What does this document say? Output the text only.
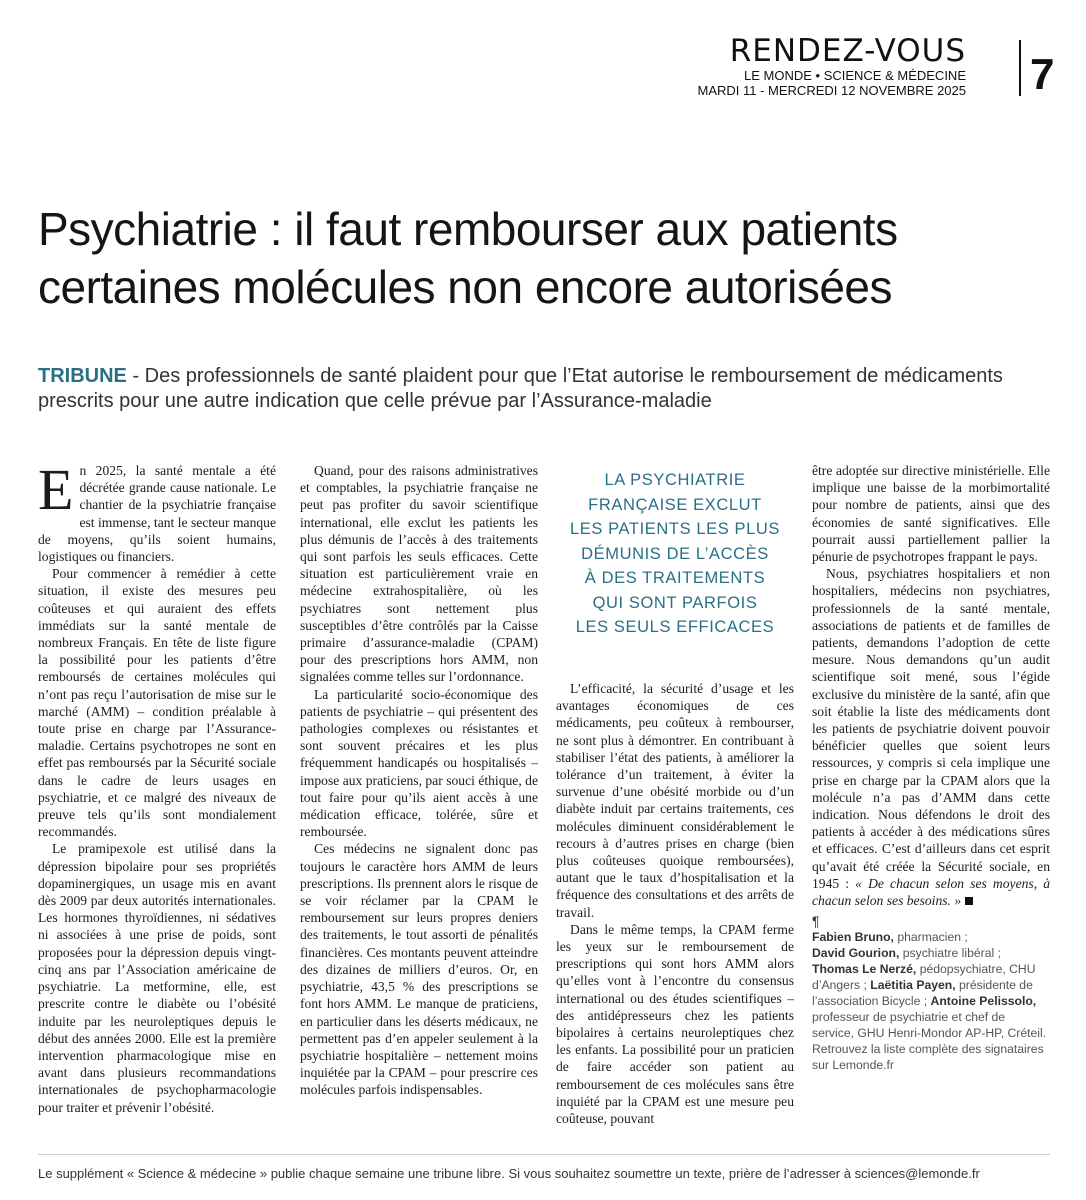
RENDEZ-VOUS
LE MONDE • SCIENCE & MÉDECINE
MARDI 11 - MERCREDI 12 NOVEMBRE 2025 7
Psychiatrie : il faut rembourser aux patients certaines molécules non encore autorisées
TRIBUNE - Des professionnels de santé plaident pour que l’Etat autorise le remboursement de médicaments prescrits pour une autre indication que celle prévue par l’Assurance-maladie

En 2025, la santé mentale a été décrétée grande cause nationale. Le chantier de la psychiatrie française est immense, tant le secteur manque de moyens, qu’ils soient humains, logistiques ou financiers.

Pour commencer à remédier à cette situation, il existe des mesures peu coûteuses et qui auraient des effets immédiats sur la santé mentale de nombreux Français. En tête de liste figure la possibilité pour les patients d’être remboursés de certaines molécules qui n’ont pas reçu l’autorisation de mise sur le marché (AMM) – condition préalable à toute prise en charge par l’Assurance-maladie. Certains psychotropes ne sont en effet pas remboursés par la Sécurité sociale dans le cadre de leurs usages en psychiatrie, et ce malgré des niveaux de preuve tels qu’ils sont mondialement recommandés.

Le pramipexole est utilisé dans la dépression bipolaire pour ses propriétés dopaminergiques, un usage mis en avant dès 2009 par deux autorités internationales. Les hormones thyroïdiennes, ni sédatives ni associées à une prise de poids, sont proposées pour la dépression depuis vingt-cinq ans par l’Association américaine de psychiatrie. La metformine, elle, est prescrite contre le diabète ou l’obésité induite par les neuroleptiques depuis le début des années 2000. Elle est la première intervention pharmacologique mise en avant dans plusieurs recommandations internationales de psychopharmacologie pour traiter et prévenir l’obésité.

Quand, pour des raisons administratives et comptables, la psychiatrie française ne peut pas profiter du savoir scientifique international, elle exclut les patients les plus démunis de l’accès à des traitements qui sont parfois les seuls efficaces. Cette situation est particulièrement vraie en médecine extrahospitalière, où les psychiatres sont nettement plus susceptibles d’être contrôlés par la Caisse primaire d’assurance-maladie (CPAM) pour des prescriptions hors AMM, non signalées comme telles sur l’ordonnance.

La particularité socio-économique des patients de psychiatrie – qui présentent des pathologies complexes ou résistantes et sont souvent précaires et les plus fréquemment handicapés ou hospitalisés – impose aux praticiens, par souci éthique, de tout faire pour qu’ils aient accès à une médication efficace, tolérée, sûre et remboursée.

Ces médecins ne signalent donc pas toujours le caractère hors AMM de leurs prescriptions. Ils prennent alors le risque de se voir réclamer par la CPAM le remboursement sur leurs propres deniers des traitements, le tout assorti de pénalités financières. Ces montants peuvent atteindre des dizaines de milliers d’euros. Or, en psychiatrie, 43,5 % des prescriptions se font hors AMM. Le manque de praticiens, en particulier dans les déserts médicaux, ne permettent pas d’en appeler seulement à la psychiatrie hospitalière – nettement moins inquiétée par la CPAM – pour prescrire ces molécules parfois indispensables.

LA PSYCHIATRIE
FRANÇAISE EXCLUT
LES PATIENTS LES PLUS
DÉMUNIS DE L’ACCÈS
À DES TRAITEMENTS
QUI SONT PARFOIS
LES SEULS EFFICACES

L’efficacité, la sécurité d’usage et les avantages économiques de ces médicaments, peu coûteux à rembourser, ne sont plus à démontrer. En contribuant à stabiliser l’état des patients, à améliorer la tolérance d’un traitement, à éviter la survenue d’une obésité morbide ou d’un diabète induit par certains traitements, ces molécules diminuent considérablement le recours à d’autres prises en charge (bien plus coûteuses quoique remboursées), autant que le taux d’hospitalisation et la fréquence des consultations et des arrêts de travail.

Dans le même temps, la CPAM ferme les yeux sur le remboursement de prescriptions qui sont hors AMM alors qu’elles vont à l’encontre du consensus international ou des études scientifiques – des antidépresseurs chez les patients bipolaires à certains neuroleptiques chez les enfants. La possibilité pour un praticien de faire accéder son patient au remboursement de ces molécules sans être inquiété par la CPAM est une mesure peu coûteuse, pouvant

être adoptée sur directive ministérielle. Elle implique une baisse de la morbimortalité pour nombre de patients, ainsi que des économies de santé significatives. Elle pourrait aussi partiellement pallier la pénurie de psychotropes frappant le pays.

Nous, psychiatres hospitaliers et non hospitaliers, médecins non psychiatres, professionnels de la santé mentale, associations de patients et de familles de patients, demandons l’adoption de cette mesure. Nous demandons qu’un audit scientifique soit mené, sous l’égide exclusive du ministère de la santé, afin que soit établie la liste des médicaments dont les patients de psychiatrie doivent pouvoir bénéficier quelles que soient leurs ressources, y compris si cela implique une prise en charge par la CPAM alors que la molécule n’a pas d’AMM dans cette indication. Nous défendons le droit des patients à accéder à des médications sûres et efficaces. C’est d’ailleurs dans cet esprit qu’avait été créée la Sécurité sociale, en 1945 : « De chacun selon ses moyens, à chacun selon ses besoins. »

¶
Fabien Bruno, pharmacien ;
David Gourion, psychiatre libéral ;
Thomas Le Nerzé, pédopsychiatre, CHU d’Angers ; Laëtitia Payen, présidente de l’association Bicycle ; Antoine Pelissolo, professeur de psychiatrie et chef de service, GHU Henri-Mondor AP-HP, Créteil.
Retrouvez la liste complète des signataires sur Lemonde.fr
Le supplément « Science & médecine » publie chaque semaine une tribune libre. Si vous souhaitez soumettre un texte, prière de l’adresser à sciences@lemonde.fr
